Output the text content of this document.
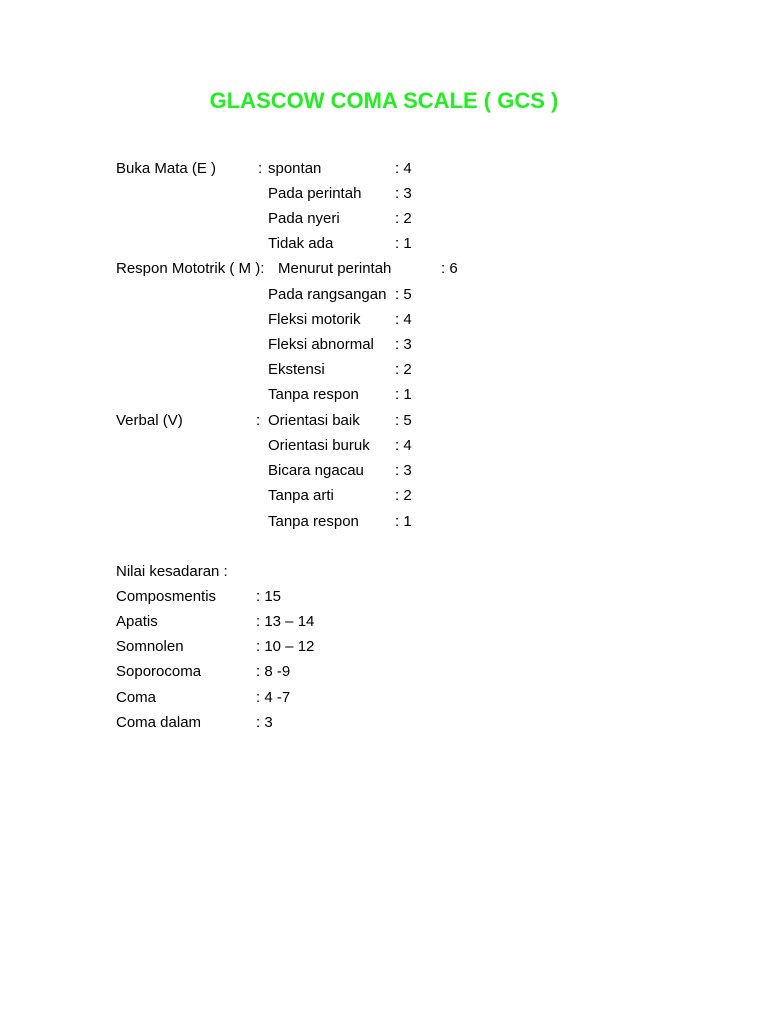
GLASCOW COMA SCALE ( GCS )
Buka Mata (E )	: spontan	: 4
Pada perintah : 3
Pada nyeri	: 2
Tidak ada	: 1
Respon Mototrik ( M ): Menurut perintah	: 6
Pada rangsangan : 5
Fleksi motorik : 4
Fleksi abnormal : 3
Ekstensi	: 2
Tanpa respon : 1
Verbal (V)	: Orientasi baik : 5
Orientasi buruk : 4
Bicara ngacau : 3
Tanpa arti	: 2
Tanpa respon : 1
Nilai kesadaran :
Composmentis	: 15
Apatis	: 13 – 14
Somnolen	: 10 – 12
Soporocoma	: 8 -9
Coma	: 4 -7
Coma dalam	: 3
